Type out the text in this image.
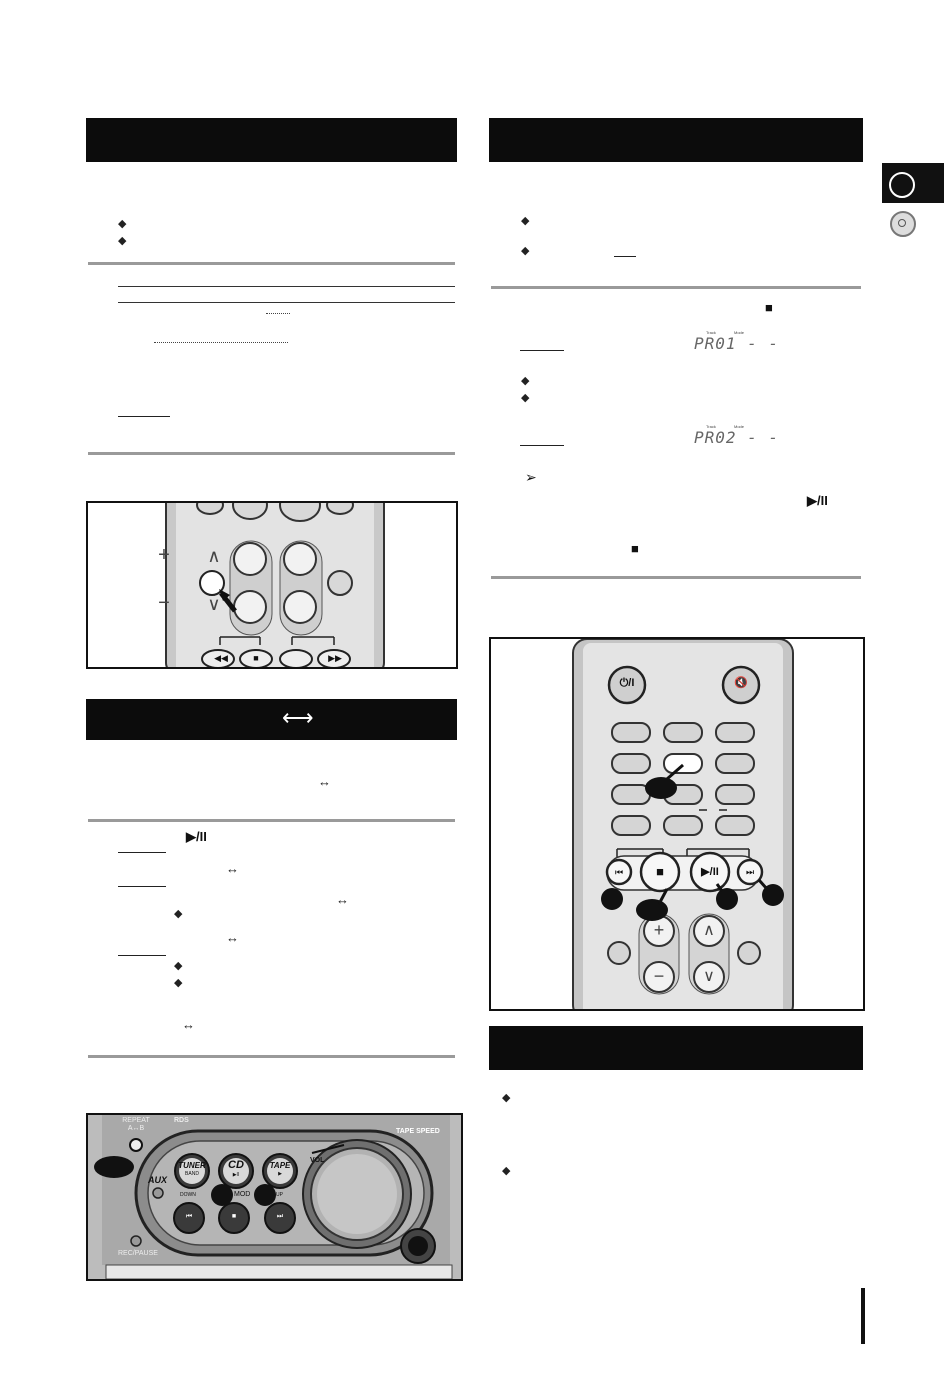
◆
◆
+
−
∧
∨
◀◀	■	▶▶
⟷
↔
▶/II
↔
↔
◆
↔
◆
◆
↔
REPEAT
A↔B
RDS
TAPE SPEED
TUNER
BAND
CD
▶II
TAPE
▶
AUX
DOWN	MOD	UP
VOL
⏮	■	⏭
REC/PAUSE
◆
◆
■
Track	Mode
PR01 - -
◆
◆
Track	Mode
PR02 - -
➢
▶/II
■
⏻/I	🔇
⏮	■	▶/II	⏭
+
−
∧
∨
◆
◆
